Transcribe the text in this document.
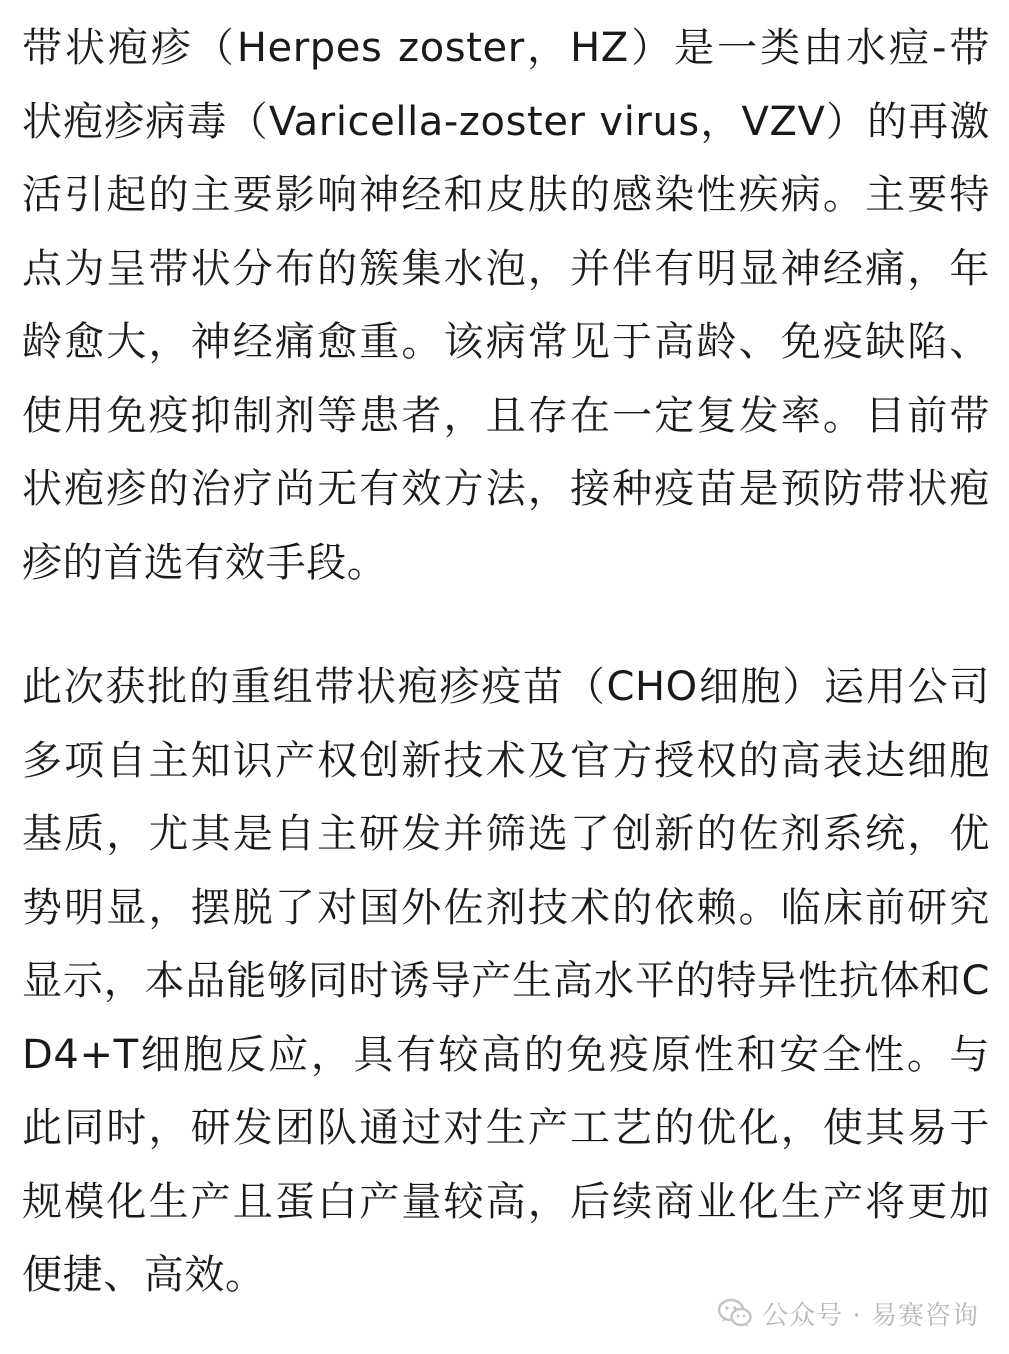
带状疱疹（Herpes zoster，HZ）是一类由水痘-带状疱疹病毒（Varicella-zoster virus，VZV）的再激活引起的主要影响神经和皮肤的感染性疾病。主要特点为呈带状分布的簇集水泡，并伴有明显神经痛，年龄愈大，神经痛愈重。该病常见于高龄、免疫缺陷、使用免疫抑制剂等患者，且存在一定复发率。目前带状疱疹的治疗尚无有效方法，接种疫苗是预防带状疱疹的首选有效手段。

此次获批的重组带状疱疹疫苗（CHO细胞）运用公司多项自主知识产权创新技术及官方授权的高表达细胞基质，尤其是自主研发并筛选了创新的佐剂系统，优势明显，摆脱了对国外佐剂技术的依赖。临床前研究显示，本品能够同时诱导产生高水平的特异性抗体和CD4+T细胞反应，具有较高的免疫原性和安全性。与此同时，研发团队通过对生产工艺的优化，使其易于规模化生产且蛋白产量较高，后续商业化生产将更加便捷、高效。

公众号 · 易赛咨询
